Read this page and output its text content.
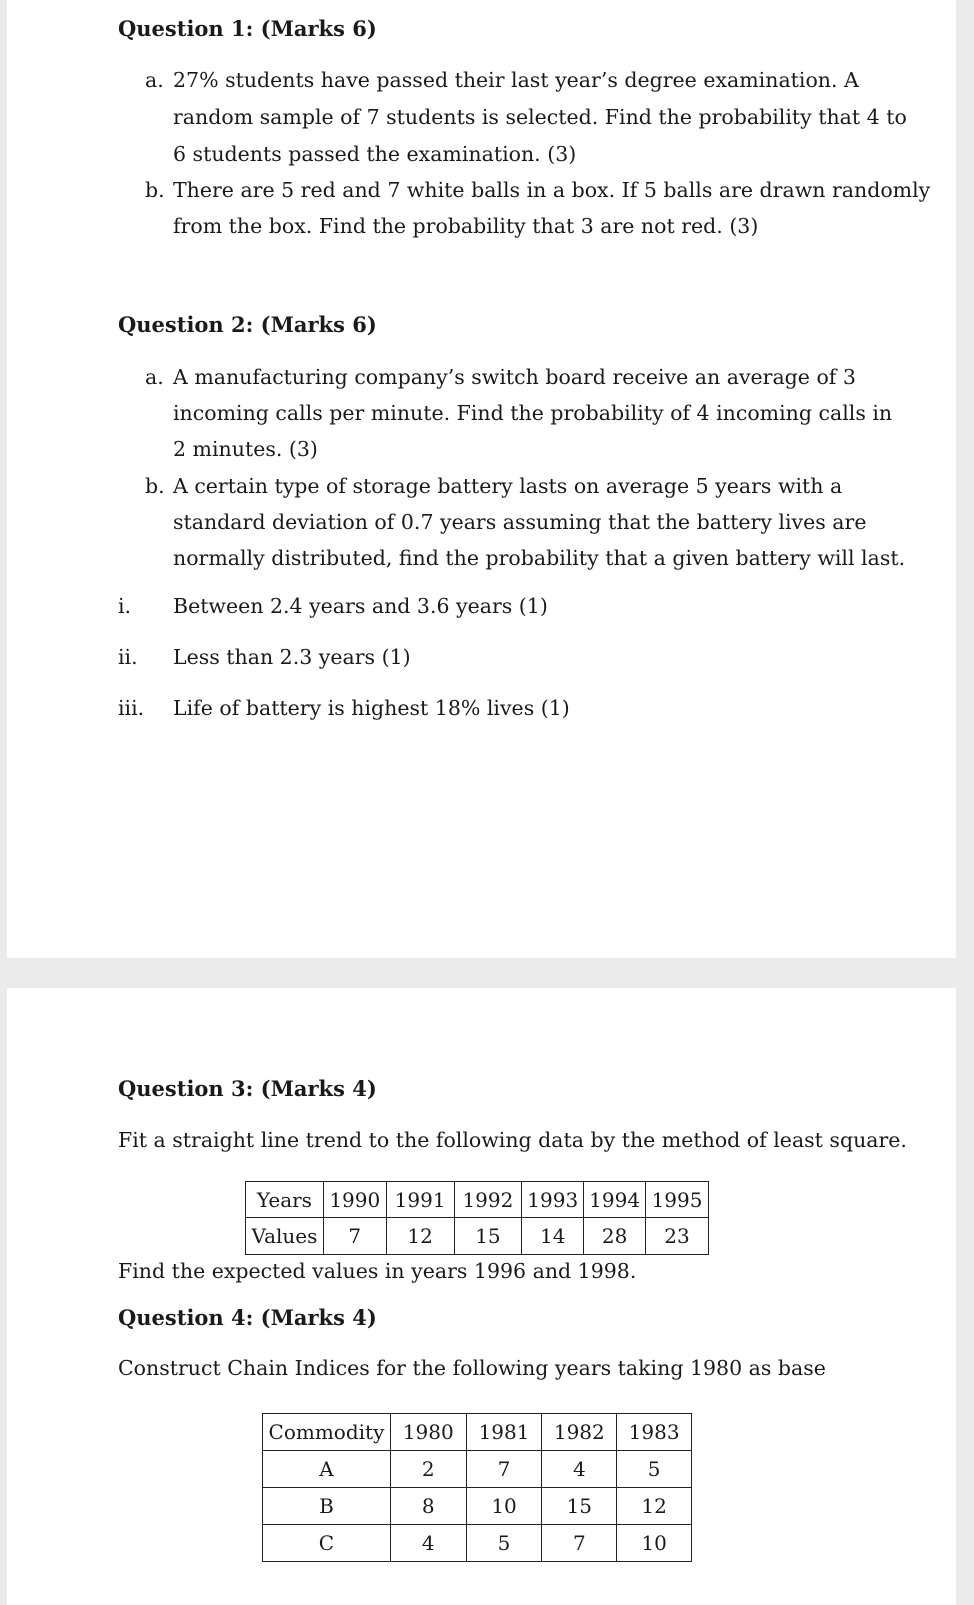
Question 1: (Marks 6)
a. 27% students have passed their last year’s degree examination. A
random sample of 7 students is selected. Find the probability that 4 to
6 students passed the examination. (3)
b. There are 5 red and 7 white balls in a box. If 5 balls are drawn randomly
from the box. Find the probability that 3 are not red. (3)
Question 2: (Marks 6)
a. A manufacturing company’s switch board receive an average of 3
incoming calls per minute. Find the probability of 4 incoming calls in
2 minutes. (3)
b. A certain type of storage battery lasts on average 5 years with a
standard deviation of 0.7 years assuming that the battery lives are
normally distributed, find the probability that a given battery will last.
i. Between 2.4 years and 3.6 years (1)
ii. Less than 2.3 years (1)
iii. Life of battery is highest 18% lives (1)
Question 3: (Marks 4)
Fit a straight line trend to the following data by the method of least square.
Years	1990	1991	1992	1993	1994	1995
Values	7	12	15	14	28	23
Find the expected values in years 1996 and 1998.
Question 4: (Marks 4)
Construct Chain Indices for the following years taking 1980 as base
Commodity	1980	1981	1982	1983
A	2	7	4	5
B	8	10	15	12
C	4	5	7	10
